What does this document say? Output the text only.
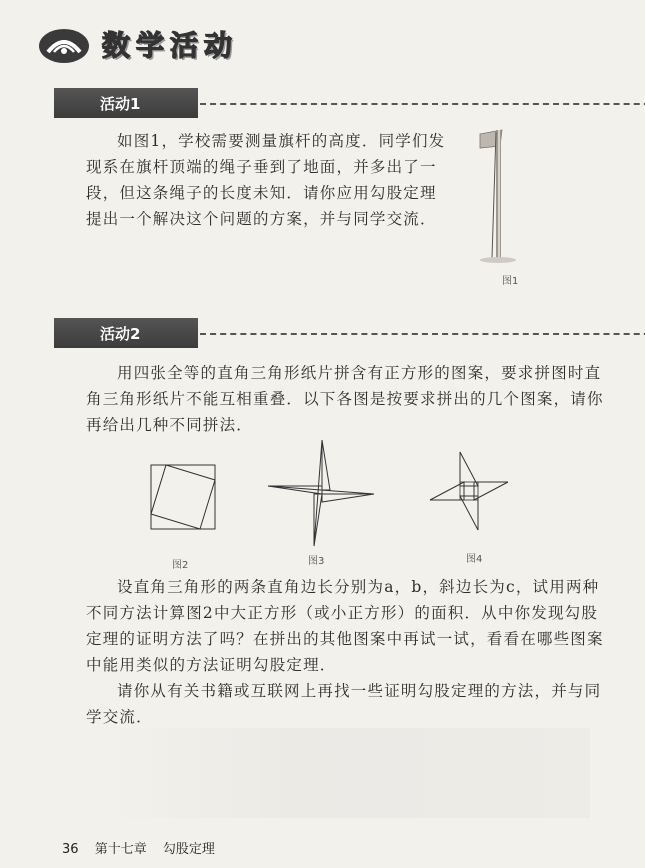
数学活动
活动1

如图1，学校需要测量旗杆的高度．同学们发现系在旗杆顶端的绳子垂到了地面，并多出了一段，但这条绳子的长度未知．请你应用勾股定理提出一个解决这个问题的方案，并与同学交流．

图1
活动2

用四张全等的直角三角形纸片拼含有正方形的图案，要求拼图时直角三角形纸片不能互相重叠．以下各图是按要求拼出的几个图案，请你再给出几种不同拼法．

图2	图3	图4

设直角三角形的两条直角边长分别为a，b，斜边长为c，试用两种不同方法计算图2中大正方形（或小正方形）的面积．从中你发现勾股定理的证明方法了吗？在拼出的其他图案中再试一试，看看在哪些图案中能用类似的方法证明勾股定理．

请你从有关书籍或互联网上再找一些证明勾股定理的方法，并与同学交流．

36 第十七章 勾股定理
